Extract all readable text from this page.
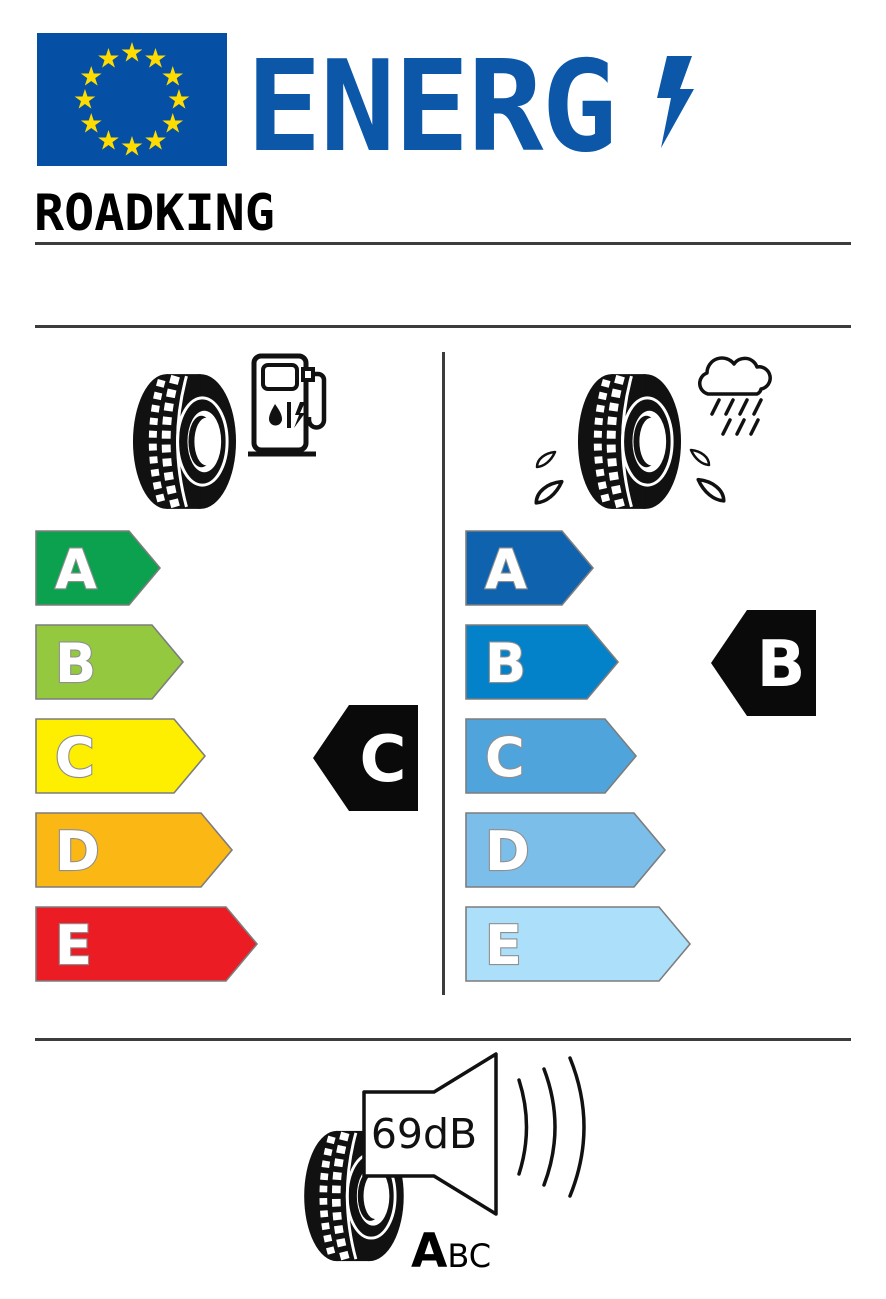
★ ★
★
★
★
★
★
★
★
★
★
★ ENERG
ROADKING
A
B
C
D
E
A
B
C
D
E
C
B
69dB
ABC
